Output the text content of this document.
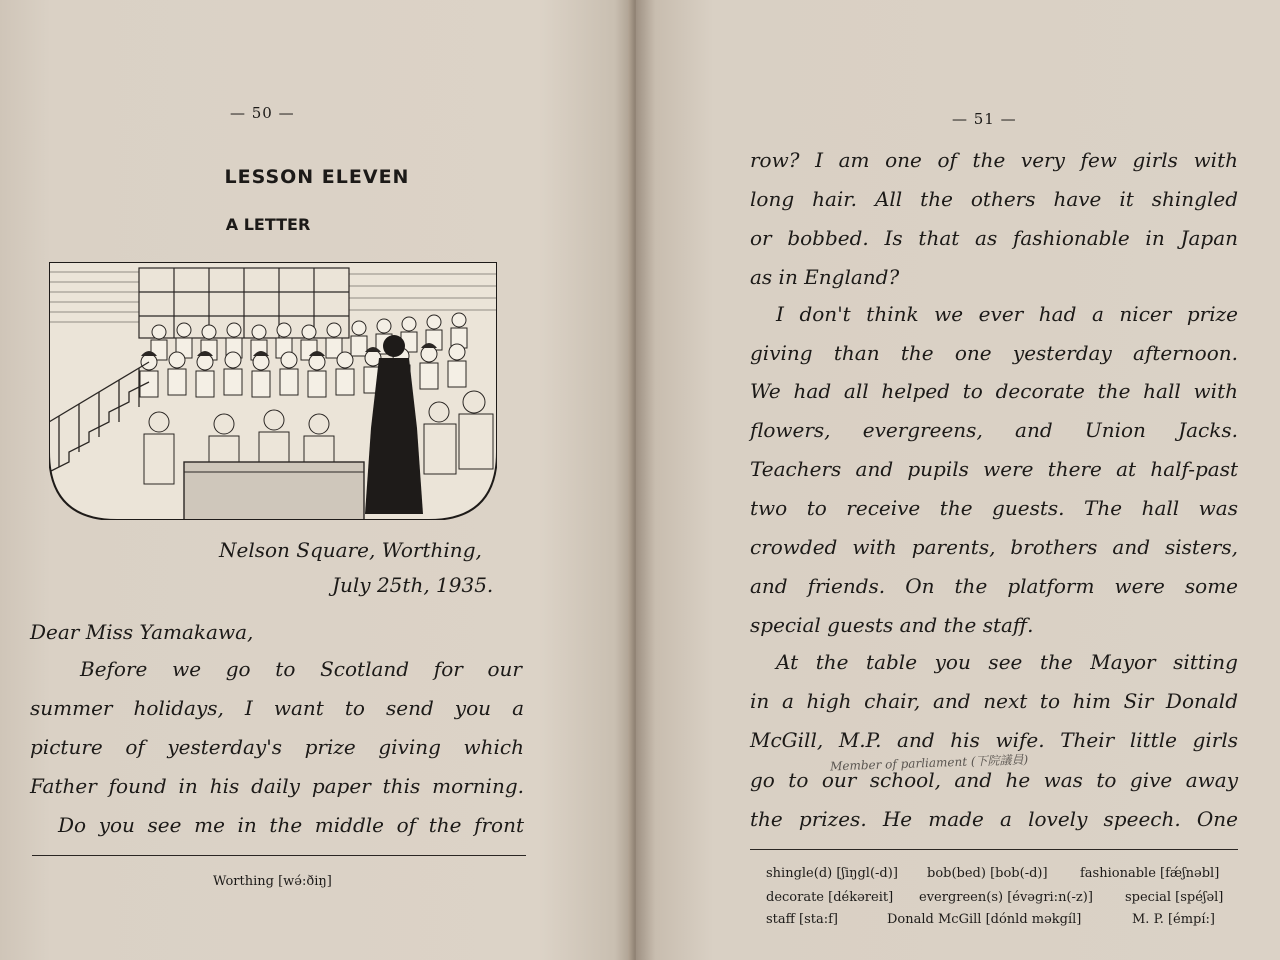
— 50 —
LESSON ELEVEN
A LETTER
Nelson Square, Worthing,
July 25th, 1935.
Dear Miss Yamakawa,
Before we go to Scotland for our
summer holidays, I want to send you a
picture of yesterday's prize giving which
Father found in his daily paper this morning.
Do you see me in the middle of the front
Worthing [wə́:ðiŋ]
— 51 —
row? I am one of the very few girls with
long hair. All the others have it shingled
or bobbed. Is that as fashionable in Japan
as in England?
I don't think we ever had a nicer prize
giving than the one yesterday afternoon.
We had all helped to decorate the hall with
flowers, evergreens, and Union Jacks.
Teachers and pupils were there at half-past
two to receive the guests. The hall was
crowded with parents, brothers and sisters,
and friends. On the platform were some
special guests and the staff.
At the table you see the Mayor sitting
in a high chair, and next to him Sir Donald
McGill, M.P. and his wife. Their little girls
go to our school, and he was to give away
the prizes. He made a lovely speech. One
Member of parliament (下院議員)
shingle(d) [ʃiŋgl(-d)] bob(bed) [bob(-d)] fashionable [fǽʃnəbl]
decorate [dékəreit] evergreen(s) [évəgri:n(-z)] special [spéʃəl]
staff [sta:f]	Donald McGill [dónld məkgíl]	M. P. [émpí:]
